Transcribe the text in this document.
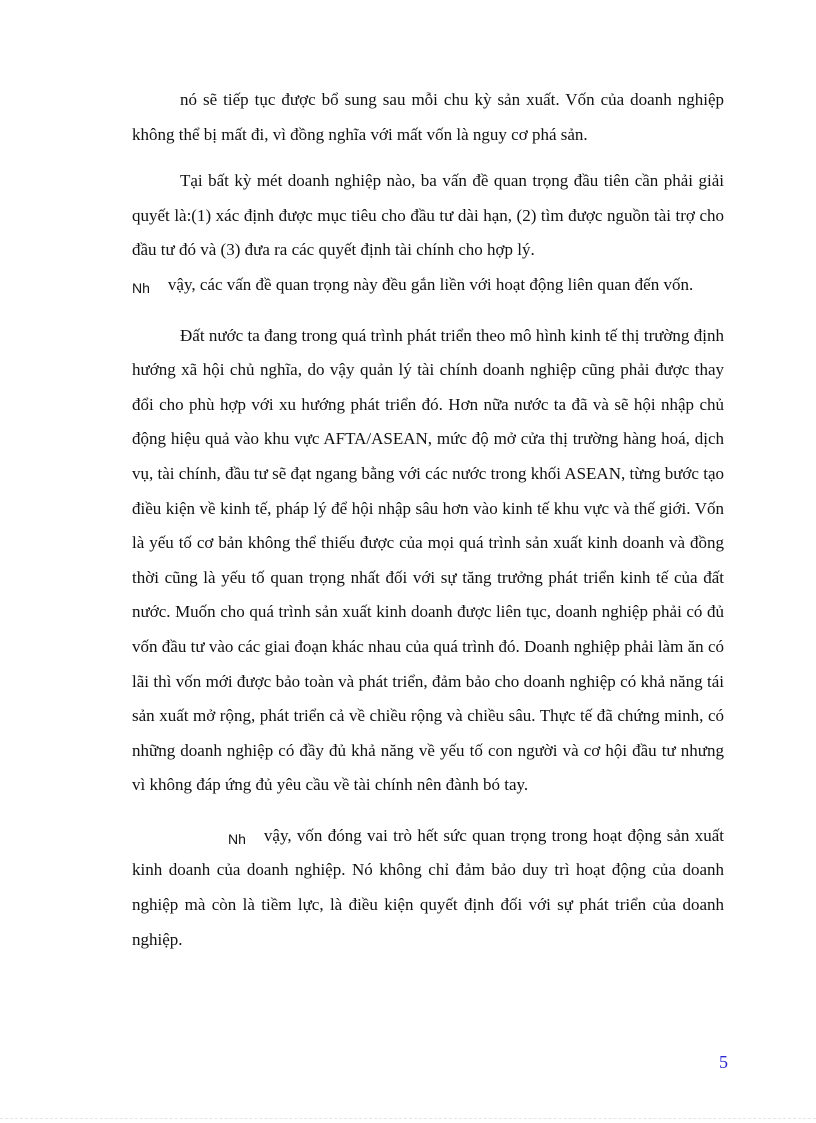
nó sẽ tiếp tục được bổ sung sau mỗi chu kỳ sản xuất. Vốn của doanh nghiệp không thể bị mất đi, vì đồng nghĩa với mất vốn là nguy cơ phá sản.

Tại bất kỳ mét doanh nghiệp nào, ba vấn đề quan trọng đầu tiên cần phải giải quyết là:(1) xác định được mục tiêu cho đầu tư dài hạn, (2) tìm được nguồn tài trợ cho đầu tư đó và (3) đưa ra các quyết định tài chính cho hợp lý.

Nh vậy, các vấn đề quan trọng này đều gắn liền với hoạt động liên quan đến vốn.

Đất nước ta đang trong quá trình phát triển theo mô hình kinh tế thị trường định hướng xã hội chủ nghĩa, do vậy quản lý tài chính doanh nghiệp cũng phải được thay đổi cho phù hợp với xu hướng phát triển đó. Hơn nữa nước ta đã và sẽ hội nhập chủ động hiệu quả vào khu vực AFTA/ASEAN, mức độ mở cửa thị trường hàng hoá, dịch vụ, tài chính, đầu tư sẽ đạt ngang bằng với các nước trong khối ASEAN, từng bước tạo điều kiện về kinh tế, pháp lý để hội nhập sâu hơn vào kinh tế khu vực và thế giới. Vốn là yếu tố cơ bản không thể thiếu được của mọi quá trình sản xuất kinh doanh và đồng thời cũng là yếu tố quan trọng nhất đối với sự tăng trưởng phát triển kinh tế của đất nước. Muốn cho quá trình sản xuất kinh doanh được liên tục, doanh nghiệp phải có đủ vốn đầu tư vào các giai đoạn khác nhau của quá trình đó. Doanh nghiệp phải làm ăn có lãi thì vốn mới được bảo toàn và phát triển, đảm bảo cho doanh nghiệp có khả năng tái sản xuất mở rộng, phát triển cả về chiều rộng và chiều sâu. Thực tế đã chứng minh, có những doanh nghiệp có đầy đủ khả năng về yếu tố con người và cơ hội đầu tư nhưng vì không đáp ứng đủ yêu cầu về tài chính nên đành bó tay.

Nh vậy, vốn đóng vai trò hết sức quan trọng trong hoạt động sản xuất kinh doanh của doanh nghiệp. Nó không chỉ đảm bảo duy trì hoạt động của doanh nghiệp mà còn là tiềm lực, là điều kiện quyết định đối với sự phát triển của doanh nghiệp.

5
